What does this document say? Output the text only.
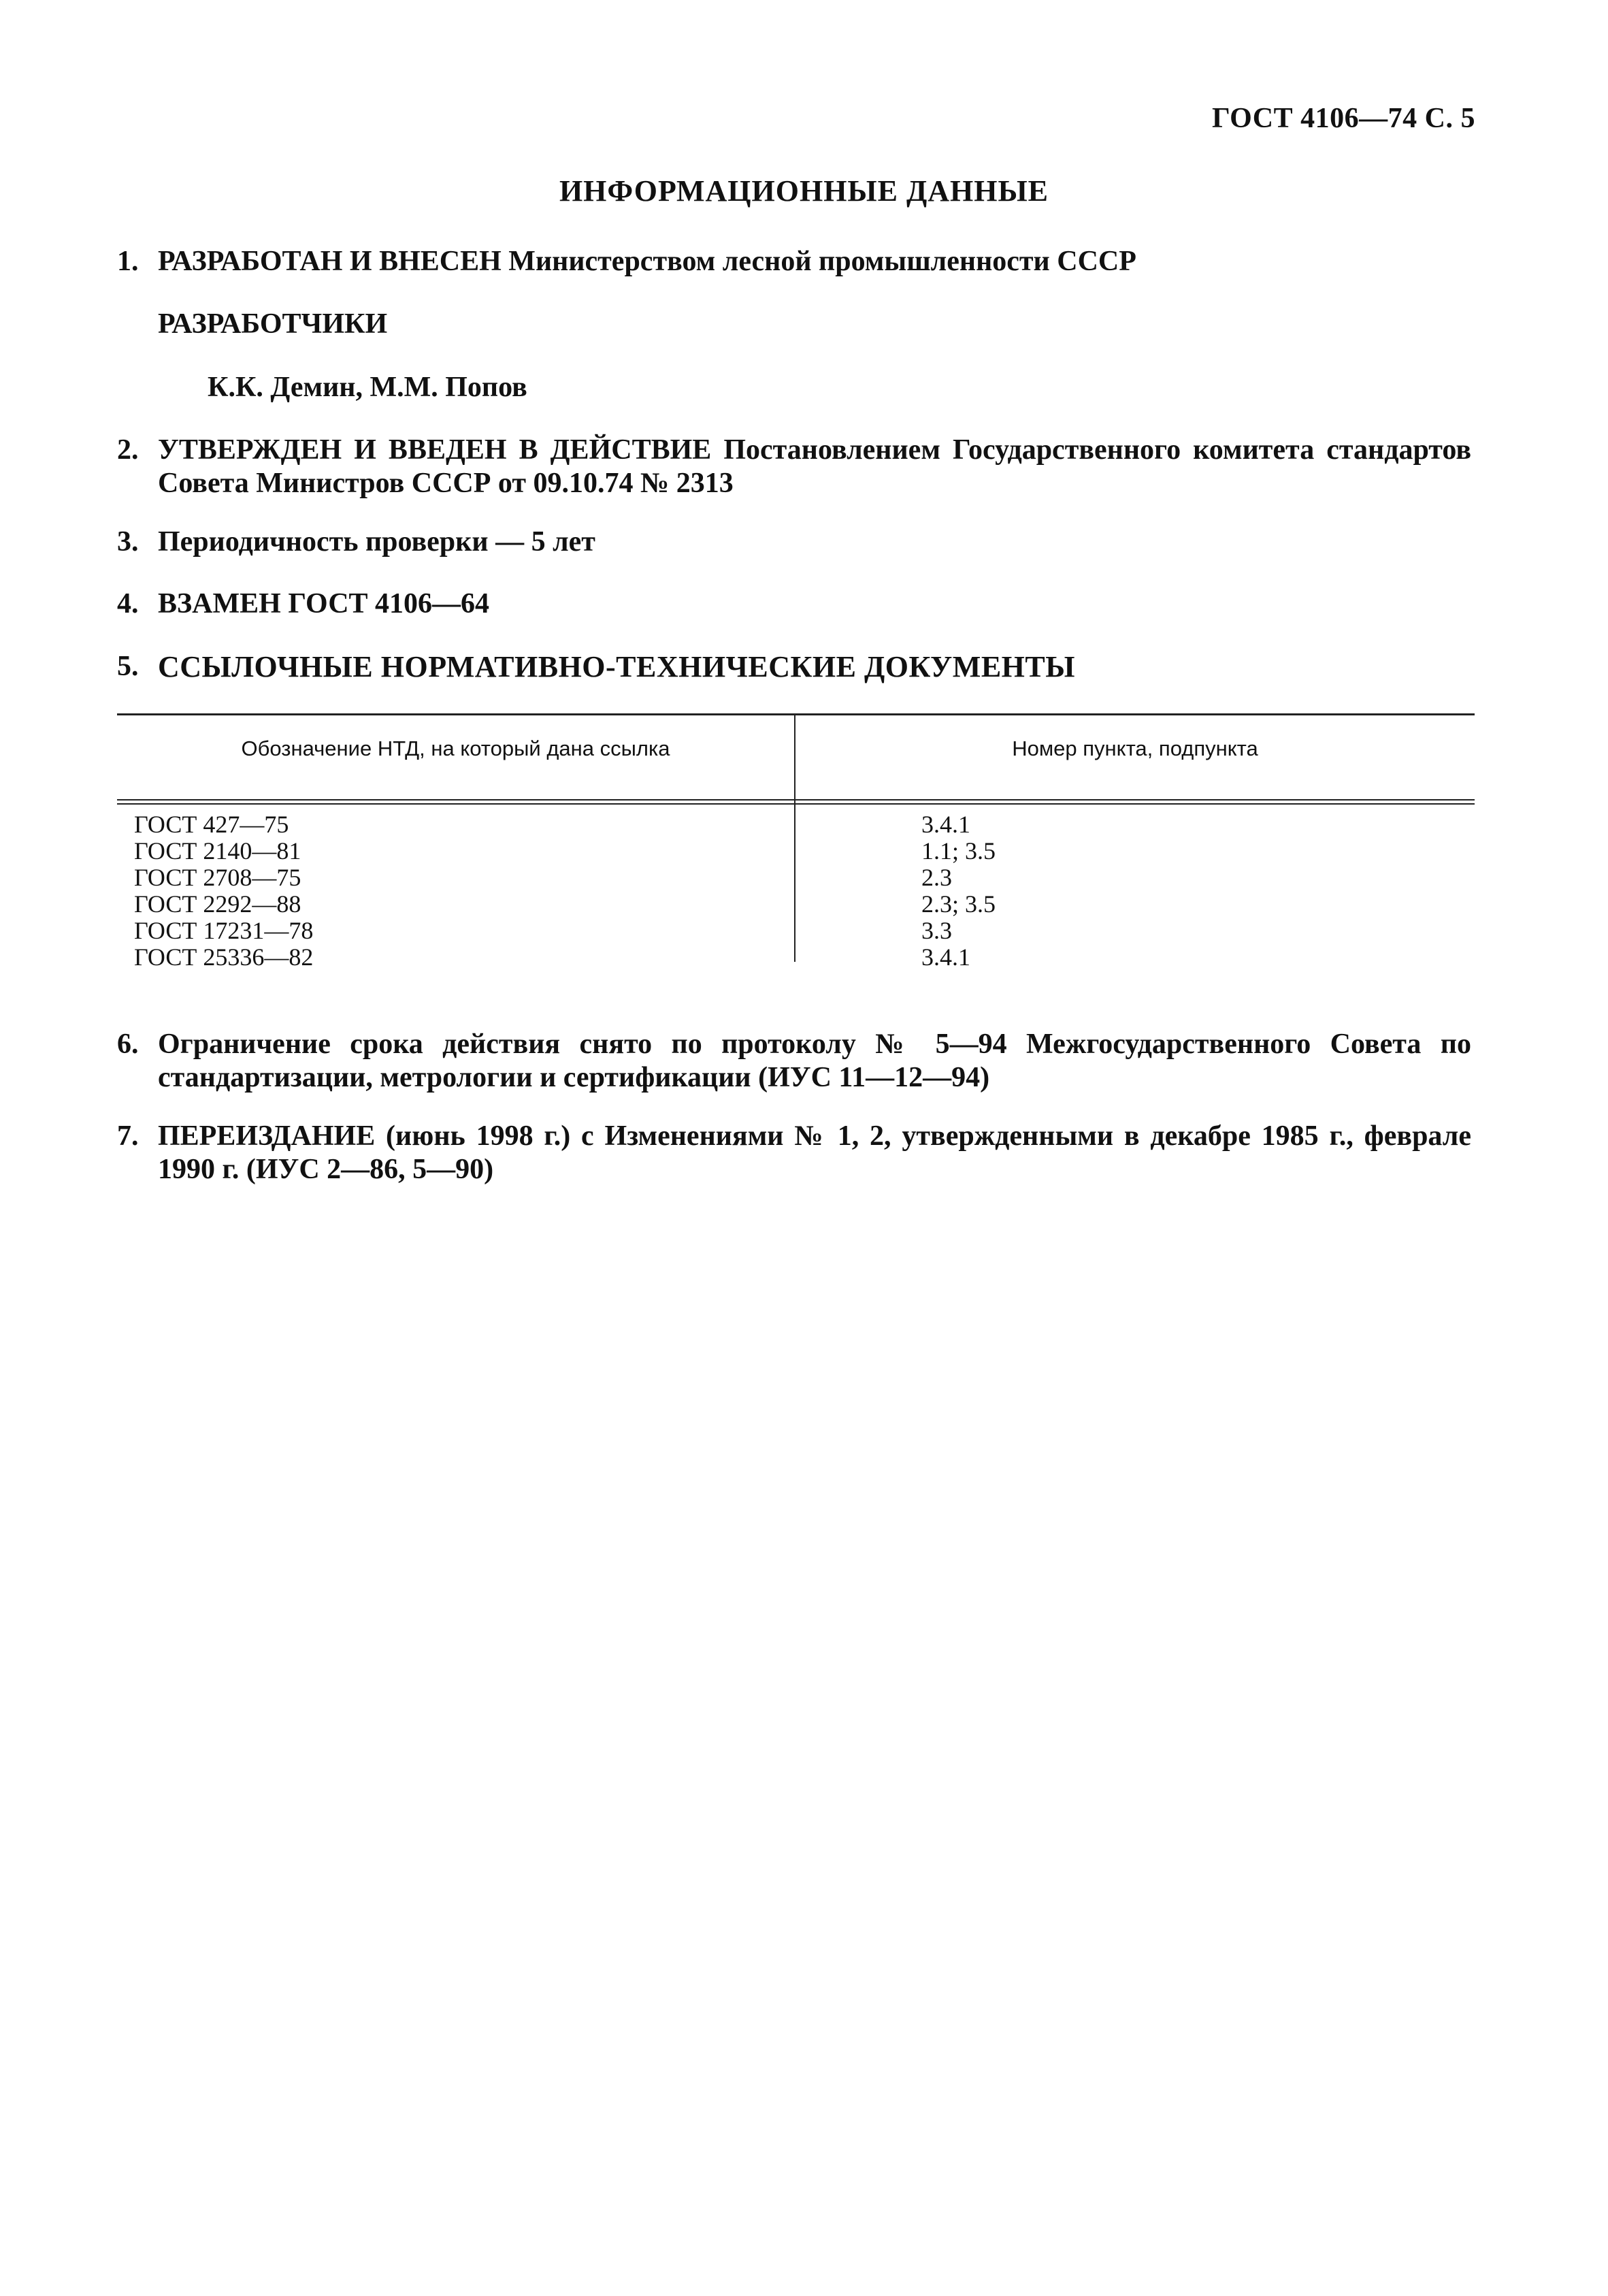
ГОСТ 4106—74 С. 5
ИНФОРМАЦИОННЫЕ ДАННЫЕ
1. РАЗРАБОТАН И ВНЕСЕН Министерством лесной промышленности СССР
РАЗРАБОТЧИКИ
К.К. Демин, М.М. Попов
2. УТВЕРЖДЕН И ВВЕДЕН В ДЕЙСТВИЕ Постановлением Государственного комитета стандартов Совета Министров СССР от 09.10.74 № 2313
3. Периодичность проверки — 5 лет
4. ВЗАМЕН ГОСТ 4106—64
5. ССЫЛОЧНЫЕ НОРМАТИВНО-ТЕХНИЧЕСКИЕ ДОКУМЕНТЫ
Обозначение НТД, на который дана ссылка	Номер пункта, подпункта
ГОСТ 427—75
ГОСТ 2140—81
ГОСТ 2708—75
ГОСТ 2292—88
ГОСТ 17231—78
ГОСТ 25336—82
3.4.1
1.1; 3.5
2.3
2.3; 3.5
3.3
3.4.1
6. Ограничение срока действия снято по протоколу № 5—94 Межгосударственного Совета по стандартизации, метрологии и сертификации (ИУС 11—12—94)
7. ПЕРЕИЗДАНИЕ (июнь 1998 г.) с Изменениями № 1, 2, утвержденными в декабре 1985 г., феврале 1990 г. (ИУС 2—86, 5—90)
